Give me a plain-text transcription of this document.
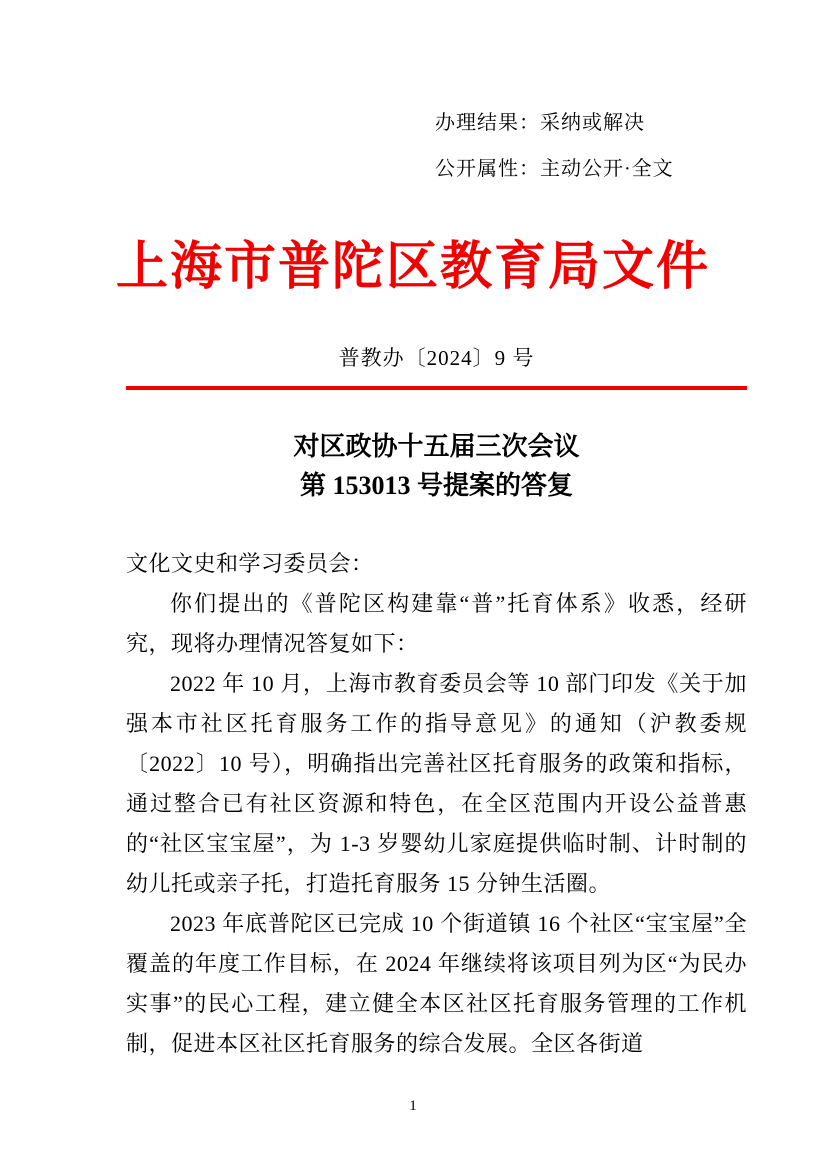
办理结果：采纳或解决
公开属性：主动公开·全文
上海市普陀区教育局文件
普教办〔2024〕9 号
对区政协十五届三次会议
第 153013 号提案的答复

文化文史和学习委员会：

你们提出的《普陀区构建靠“普”托育体系》收悉，经研究，现将办理情况答复如下：

2022 年 10 月，上海市教育委员会等 10 部门印发《关于加强本市社区托育服务工作的指导意见》的通知（沪教委规〔2022〕10 号），明确指出完善社区托育服务的政策和指标，通过整合已有社区资源和特色，在全区范围内开设公益普惠的“社区宝宝屋”，为 1-3 岁婴幼儿家庭提供临时制、计时制的幼儿托或亲子托，打造托育服务 15 分钟生活圈。

2023 年底普陀区已完成 10 个街道镇 16 个社区“宝宝屋”全覆盖的年度工作目标，在 2024 年继续将该项目列为区“为民办实事”的民心工程，建立健全本区社区托育服务管理的工作机制，促进本区社区托育服务的综合发展。全区各街道

1
